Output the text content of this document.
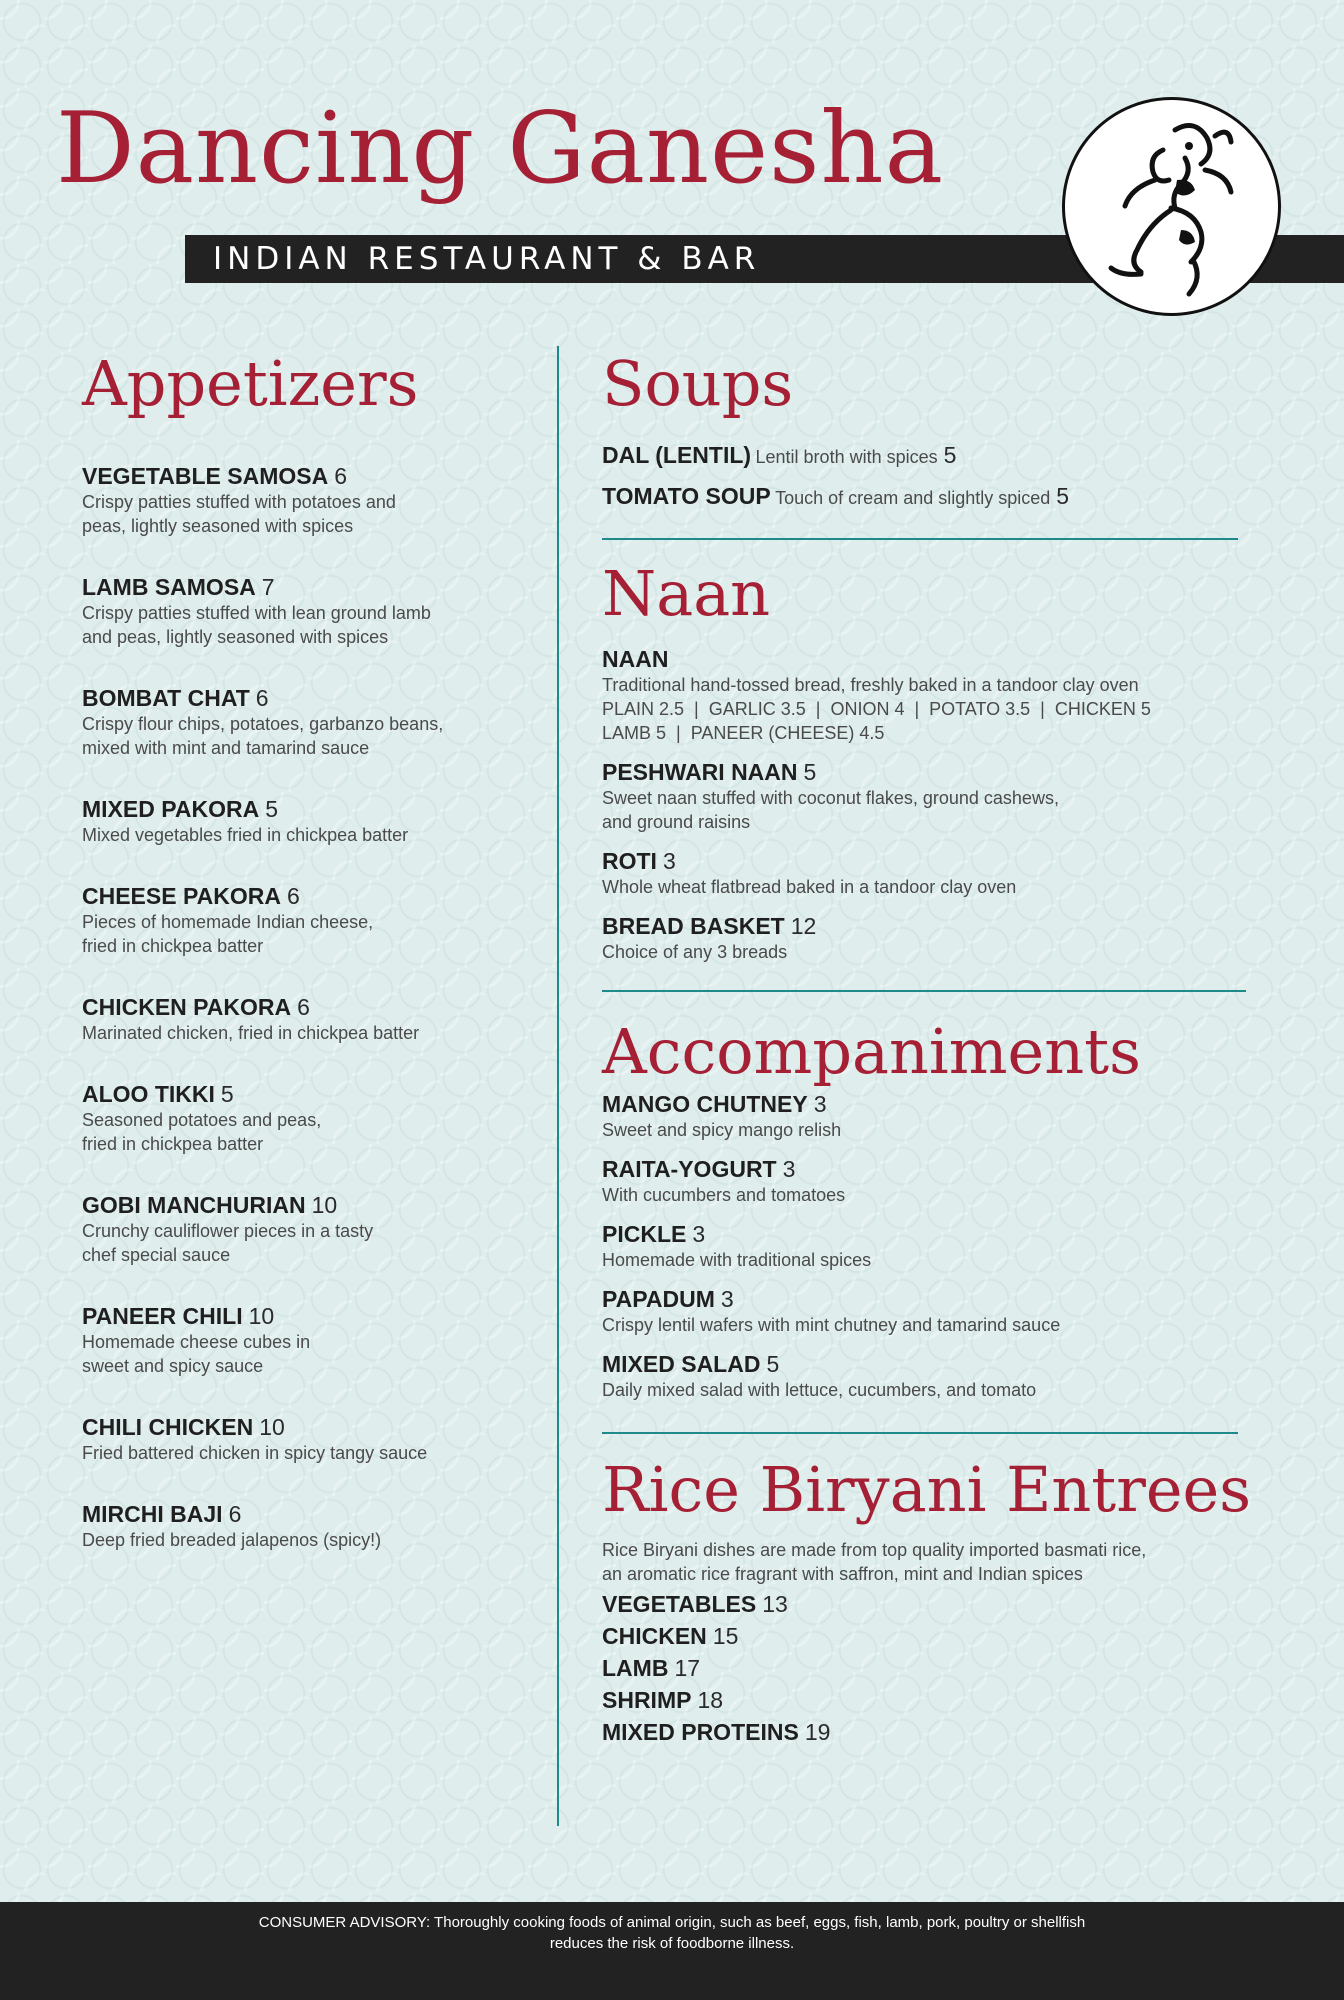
Dancing Ganesha
INDIAN RESTAURANT & BAR
Appetizers
VEGETABLE SAMOSA 6
Crispy patties stuffed with potatoes and
peas, lightly seasoned with spices
LAMB SAMOSA 7
Crispy patties stuffed with lean ground lamb
and peas, lightly seasoned with spices
BOMBAT CHAT 6
Crispy flour chips, potatoes, garbanzo beans,
mixed with mint and tamarind sauce
MIXED PAKORA 5
Mixed vegetables fried in chickpea batter
CHEESE PAKORA 6
Pieces of homemade Indian cheese,
fried in chickpea batter
CHICKEN PAKORA 6
Marinated chicken, fried in chickpea batter
ALOO TIKKI 5
Seasoned potatoes and peas,
fried in chickpea batter
GOBI MANCHURIAN 10
Crunchy cauliflower pieces in a tasty
chef special sauce
PANEER CHILI 10
Homemade cheese cubes in
sweet and spicy sauce
CHILI CHICKEN 10
Fried battered chicken in spicy tangy sauce
MIRCHI BAJI 6
Deep fried breaded jalapenos (spicy!)
Soups
DAL (LENTIL) Lentil broth with spices 5
TOMATO SOUP Touch of cream and slightly spiced 5
Naan
NAAN
Traditional hand-tossed bread, freshly baked in a tandoor clay oven
PLAIN 2.5  |  GARLIC 3.5  |  ONION 4  |  POTATO 3.5  |  CHICKEN 5
LAMB 5  |  PANEER (CHEESE) 4.5
PESHWARI NAAN 5
Sweet naan stuffed with coconut flakes, ground cashews,
and ground raisins
ROTI 3
Whole wheat flatbread baked in a tandoor clay oven
BREAD BASKET 12
Choice of any 3 breads
Accompaniments
MANGO CHUTNEY 3
Sweet and spicy mango relish
RAITA-YOGURT 3
With cucumbers and tomatoes
PICKLE 3
Homemade with traditional spices
PAPADUM 3
Crispy lentil wafers with mint chutney and tamarind sauce
MIXED SALAD 5
Daily mixed salad with lettuce, cucumbers, and tomato
Rice Biryani Entrees
Rice Biryani dishes are made from top quality imported basmati rice,
an aromatic rice fragrant with saffron, mint and Indian spices
VEGETABLES 13
CHICKEN 15
LAMB 17
SHRIMP 18
MIXED PROTEINS 19
CONSUMER ADVISORY: Thoroughly cooking foods of animal origin, such as beef, eggs, fish, lamb, pork, poultry or shellfish
reduces the risk of foodborne illness.
